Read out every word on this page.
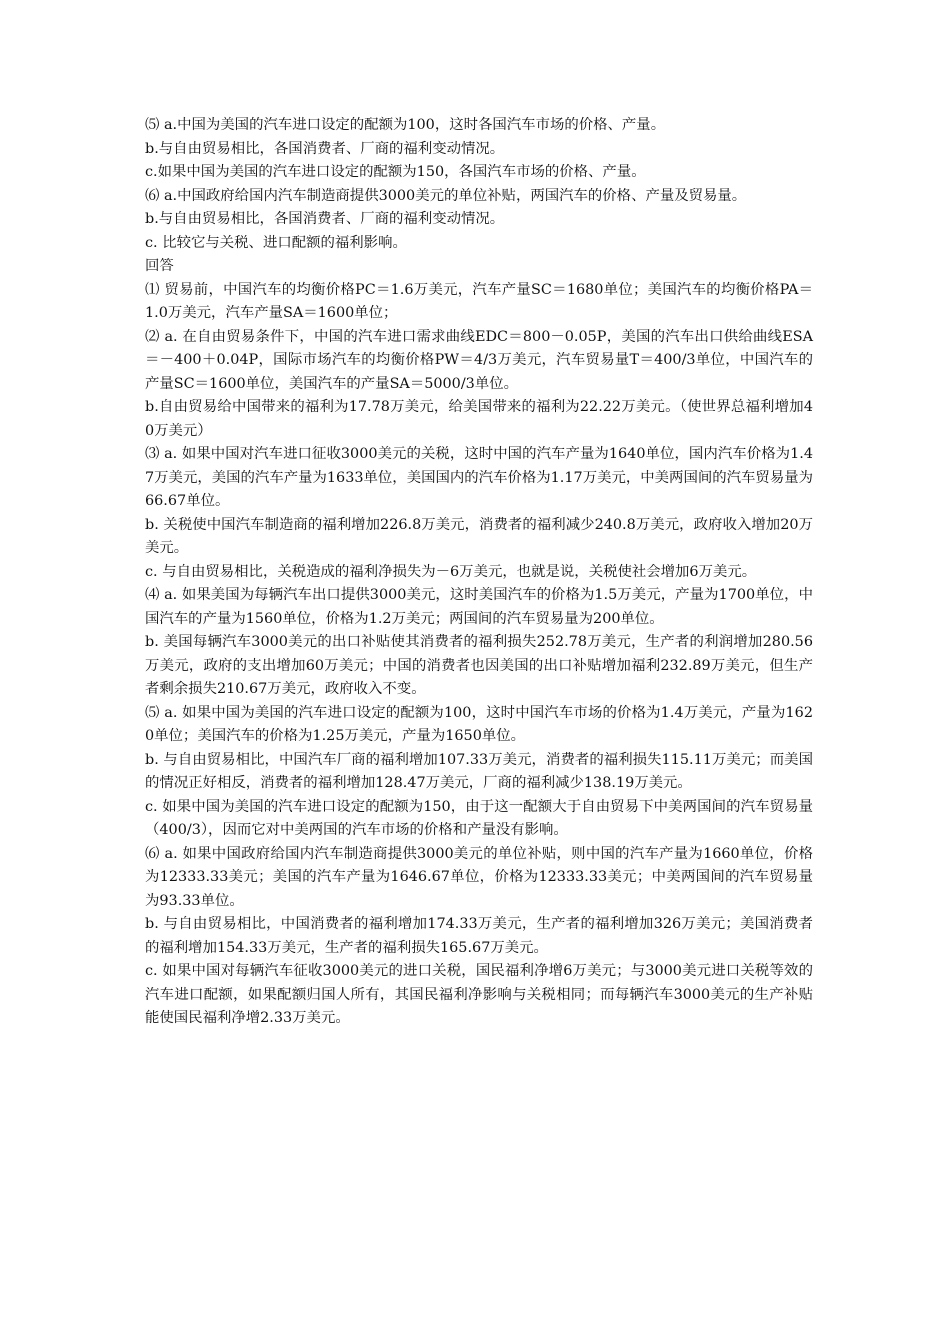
⑸ a.中国为美国的汽车进口设定的配额为100，这时各国汽车市场的价格、产量。

b.与自由贸易相比，各国消费者、厂商的福利变动情况。

c.如果中国为美国的汽车进口设定的配额为150，各国汽车市场的价格、产量。

⑹ a.中国政府给国内汽车制造商提供3000美元的单位补贴，两国汽车的价格、产量及贸易量。

b.与自由贸易相比，各国消费者、厂商的福利变动情况。

c. 比较它与关税、进口配额的福利影响。

回答

⑴ 贸易前，中国汽车的均衡价格PC＝1.6万美元，汽车产量SC＝1680单位；美国汽车的均衡价格PA＝1.0万美元，汽车产量SA＝1600单位；

⑵ a. 在自由贸易条件下，中国的汽车进口需求曲线EDC＝800－0.05P，美国的汽车出口供给曲线ESA＝－400＋0.04P，国际市场汽车的均衡价格PW＝4/3万美元，汽车贸易量T＝400/3单位，中国汽车的产量SC＝1600单位，美国汽车的产量SA＝5000/3单位。

b.自由贸易给中国带来的福利为17.78万美元，给美国带来的福利为22.22万美元。（使世界总福利增加40万美元）

⑶ a. 如果中国对汽车进口征收3000美元的关税，这时中国的汽车产量为1640单位，国内汽车价格为1.47万美元，美国的汽车产量为1633单位，美国国内的汽车价格为1.17万美元，中美两国间的汽车贸易量为66.67单位。

b. 关税使中国汽车制造商的福利增加226.8万美元，消费者的福利减少240.8万美元，政府收入增加20万美元。

c. 与自由贸易相比，关税造成的福利净损失为－6万美元，也就是说，关税使社会增加6万美元。

⑷ a. 如果美国为每辆汽车出口提供3000美元，这时美国汽车的价格为1.5万美元，产量为1700单位，中国汽车的产量为1560单位，价格为1.2万美元；两国间的汽车贸易量为200单位。

b. 美国每辆汽车3000美元的出口补贴使其消费者的福利损失252.78万美元，生产者的利润增加280.56万美元，政府的支出增加60万美元；中国的消费者也因美国的出口补贴增加福利232.89万美元，但生产者剩余损失210.67万美元，政府收入不变。

⑸ a. 如果中国为美国的汽车进口设定的配额为100，这时中国汽车市场的价格为1.4万美元，产量为1620单位；美国汽车的价格为1.25万美元，产量为1650单位。

b. 与自由贸易相比，中国汽车厂商的福利增加107.33万美元，消费者的福利损失115.11万美元；而美国的情况正好相反，消费者的福利增加128.47万美元，厂商的福利减少138.19万美元。

c. 如果中国为美国的汽车进口设定的配额为150，由于这一配额大于自由贸易下中美两国间的汽车贸易量（400/3），因而它对中美两国的汽车市场的价格和产量没有影响。

⑹ a. 如果中国政府给国内汽车制造商提供3000美元的单位补贴，则中国的汽车产量为1660单位，价格为12333.33美元；美国的汽车产量为1646.67单位，价格为12333.33美元；中美两国间的汽车贸易量为93.33单位。

b. 与自由贸易相比，中国消费者的福利增加174.33万美元，生产者的福利增加326万美元；美国消费者的福利增加154.33万美元，生产者的福利损失165.67万美元。

c. 如果中国对每辆汽车征收3000美元的进口关税，国民福利净增6万美元；与3000美元进口关税等效的汽车进口配额，如果配额归国人所有，其国民福利净影响与关税相同；而每辆汽车3000美元的生产补贴能使国民福利净增2.33万美元。
